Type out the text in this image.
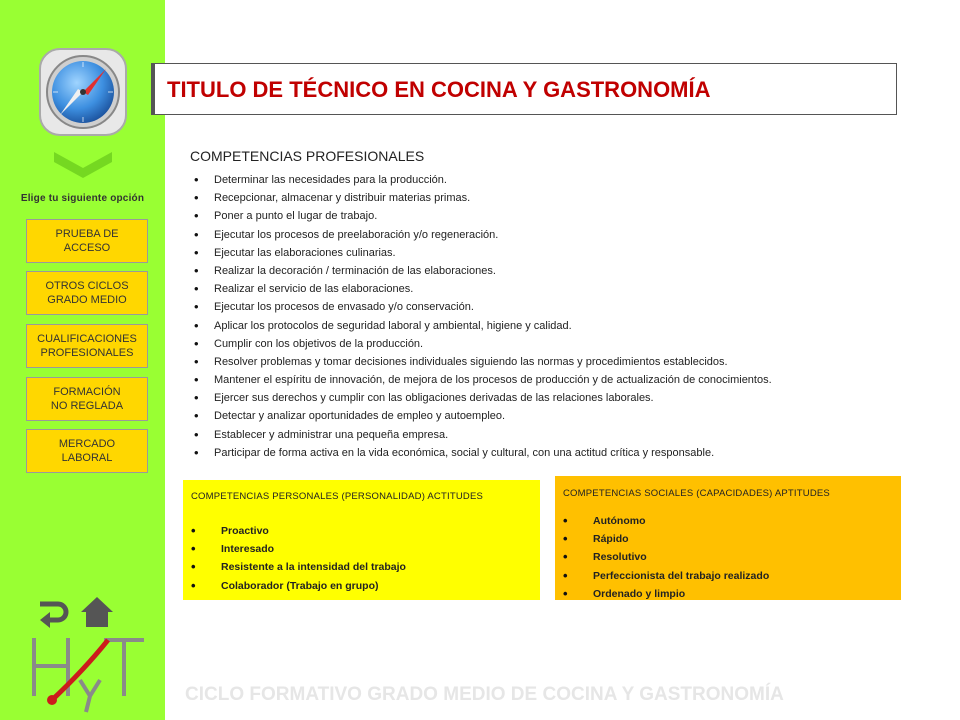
Elige tu siguiente opción
PRUEBA DE
ACCESO
OTROS CICLOS
GRADO MEDIO
CUALIFICACIONES
PROFESIONALES
FORMACIÓN
NO REGLADA
MERCADO
LABORAL
TITULO DE TÉCNICO EN COCINA Y GASTRONOMÍA
COMPETENCIAS PROFESIONALES
• Determinar las necesidades para la producción.
• Recepcionar, almacenar y distribuir materias primas.
• Poner a punto el lugar de trabajo.
• Ejecutar los procesos de preelaboración y/o regeneración.
• Ejecutar las elaboraciones culinarias.
• Realizar la decoración / terminación de las elaboraciones.
• Realizar el servicio de las elaboraciones.
• Ejecutar los procesos de envasado y/o conservación.
• Aplicar los protocolos de seguridad laboral y ambiental, higiene y calidad.
• Cumplir con los objetivos de la producción.
• Resolver problemas y tomar decisiones individuales siguiendo las normas y procedimientos establecidos.
• Mantener el espíritu de innovación, de mejora de los procesos de producción y de actualización de conocimientos.
• Ejercer sus derechos y cumplir con las obligaciones derivadas de las relaciones laborales.
• Detectar y analizar oportunidades de empleo y autoempleo.
• Establecer y administrar una pequeña empresa.
• Participar de forma activa en la vida económica, social y cultural, con una actitud crítica y responsable.
COMPETENCIAS PERSONALES (PERSONALIDAD) ACTITUDES
• Proactivo
• Interesado
• Resistente a la intensidad del trabajo
• Colaborador (Trabajo en grupo)
COMPETENCIAS SOCIALES (CAPACIDADES) APTITUDES
• Autónomo
• Rápido
• Resolutivo
• Perfeccionista del trabajo realizado
• Ordenado y limpio
CICLO FORMATIVO GRADO MEDIO DE COCINA Y GASTRONOMÍA
